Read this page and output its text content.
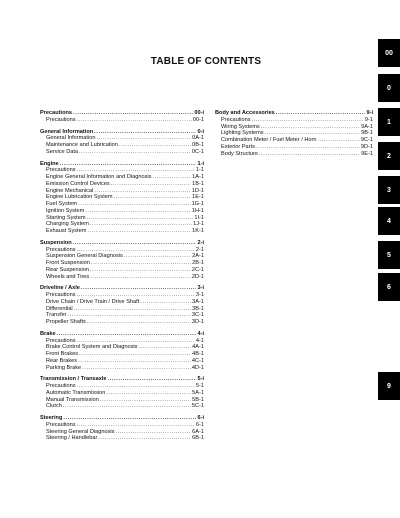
TABLE OF CONTENTS
Precautions .....	00-i
Precautions .....	00-1
General Information .....	0-i
General Information .....	0A-1
Maintenance and Lubrication .....	0B-1
Service Data .....	0C-1
Engine .....	1-i
Precautions .....	1-1
Engine General Information and Diagnosis .....	1A-1
Emission Control Devices .....	1B-1
Engine Mechanical .....	1D-1
Engine Lubrication System .....	1E-1
Fuel System .....	1G-1
Ignition System .....	1H-1
Starting System .....	1I-1
Charging System .....	1J-1
Exhaust System .....	1K-1
Suspension .....	2-i
Precautions .....	2-1
Suspension General Diagnosis .....	2A-1
Front Suspension .....	2B-1
Rear Suspension .....	2C-1
Wheels and Tires .....	2D-1
Driveline / Axle .....	3-i
Precautions .....	3-1
Drive Chain / Drive Train / Drive Shaft .....	3A-1
Differential .....	3B-1
Transfer .....	3C-1
Propeller Shafts .....	3D-1
Brake .....	4-i
Precautions .....	4-1
Brake Control System and Diagnosis .....	4A-1
Front Brakes .....	4B-1
Rear Brakes .....	4C-1
Parking Brake .....	4D-1
Transmission / Transaxle .....	5-i
Precautions .....	5-1
Automatic Transmission .....	5A-1
Manual Transmission .....	5B-1
Clutch .....	5C-1
Steering .....	6-i
Precautions .....	6-1
Steering General Diagnosis .....	6A-1
Steering / Handlebar .....	6B-1
Body and Accessories .....	9-i
Precautions .....	9-1
Wiring Systems .....	9A-1
Lighting Systems .....	9B-1
Combination Meter / Fuel Meter / Horn .....	9C-1
Exterior Parts .....	9D-1
Body Structure .....	9E-1
00
0
1
2
3
4
5
6
9
